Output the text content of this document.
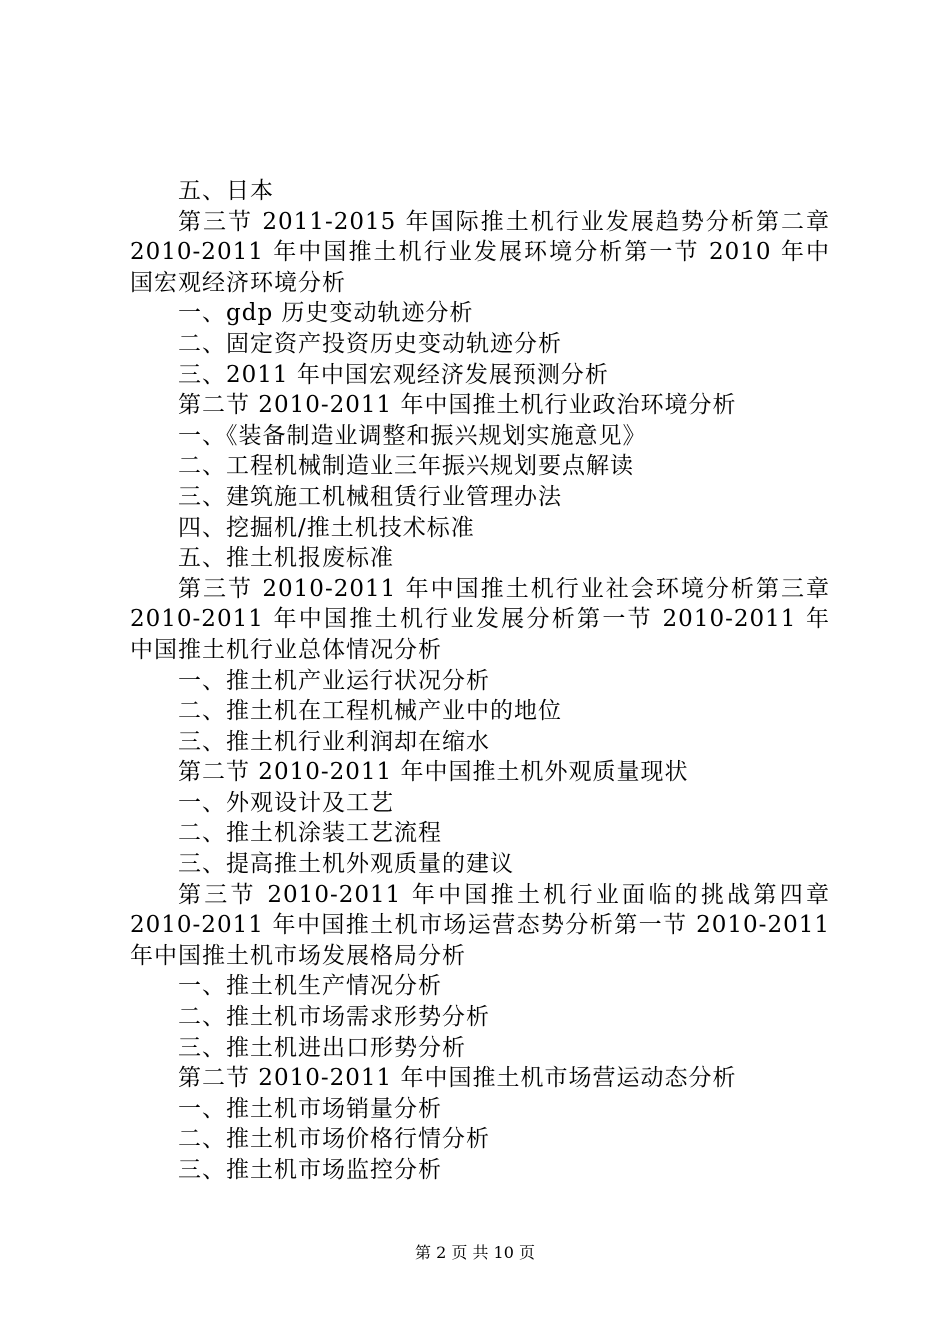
五、日本
第三节 2011-2015 年国际推土机行业发展趋势分析第二章 2010-2011 年中国推土机行业发展环境分析第一节 2010 年中国宏观经济环境分析
一、gdp 历史变动轨迹分析
二、固定资产投资历史变动轨迹分析
三、2011 年中国宏观经济发展预测分析
第二节 2010-2011 年中国推土机行业政治环境分析
一、《装备制造业调整和振兴规划实施意见》
二、工程机械制造业三年振兴规划要点解读
三、建筑施工机械租赁行业管理办法
四、挖掘机/推土机技术标准
五、推土机报废标准
第三节 2010-2011 年中国推土机行业社会环境分析第三章 2010-2011 年中国推土机行业发展分析第一节 2010-2011 年中国推土机行业总体情况分析
一、推土机产业运行状况分析
二、推土机在工程机械产业中的地位
三、推土机行业利润却在缩水
第二节 2010-2011 年中国推土机外观质量现状
一、外观设计及工艺
二、推土机涂装工艺流程
三、提高推土机外观质量的建议
第三节 2010-2011 年中国推土机行业面临的挑战第四章 2010-2011 年中国推土机市场运营态势分析第一节 2010-2011 年中国推土机市场发展格局分析
一、推土机生产情况分析
二、推土机市场需求形势分析
三、推土机进出口形势分析
第二节 2010-2011 年中国推土机市场营运动态分析
一、推土机市场销量分析
二、推土机市场价格行情分析
三、推土机市场监控分析
第 2 页 共 10 页
